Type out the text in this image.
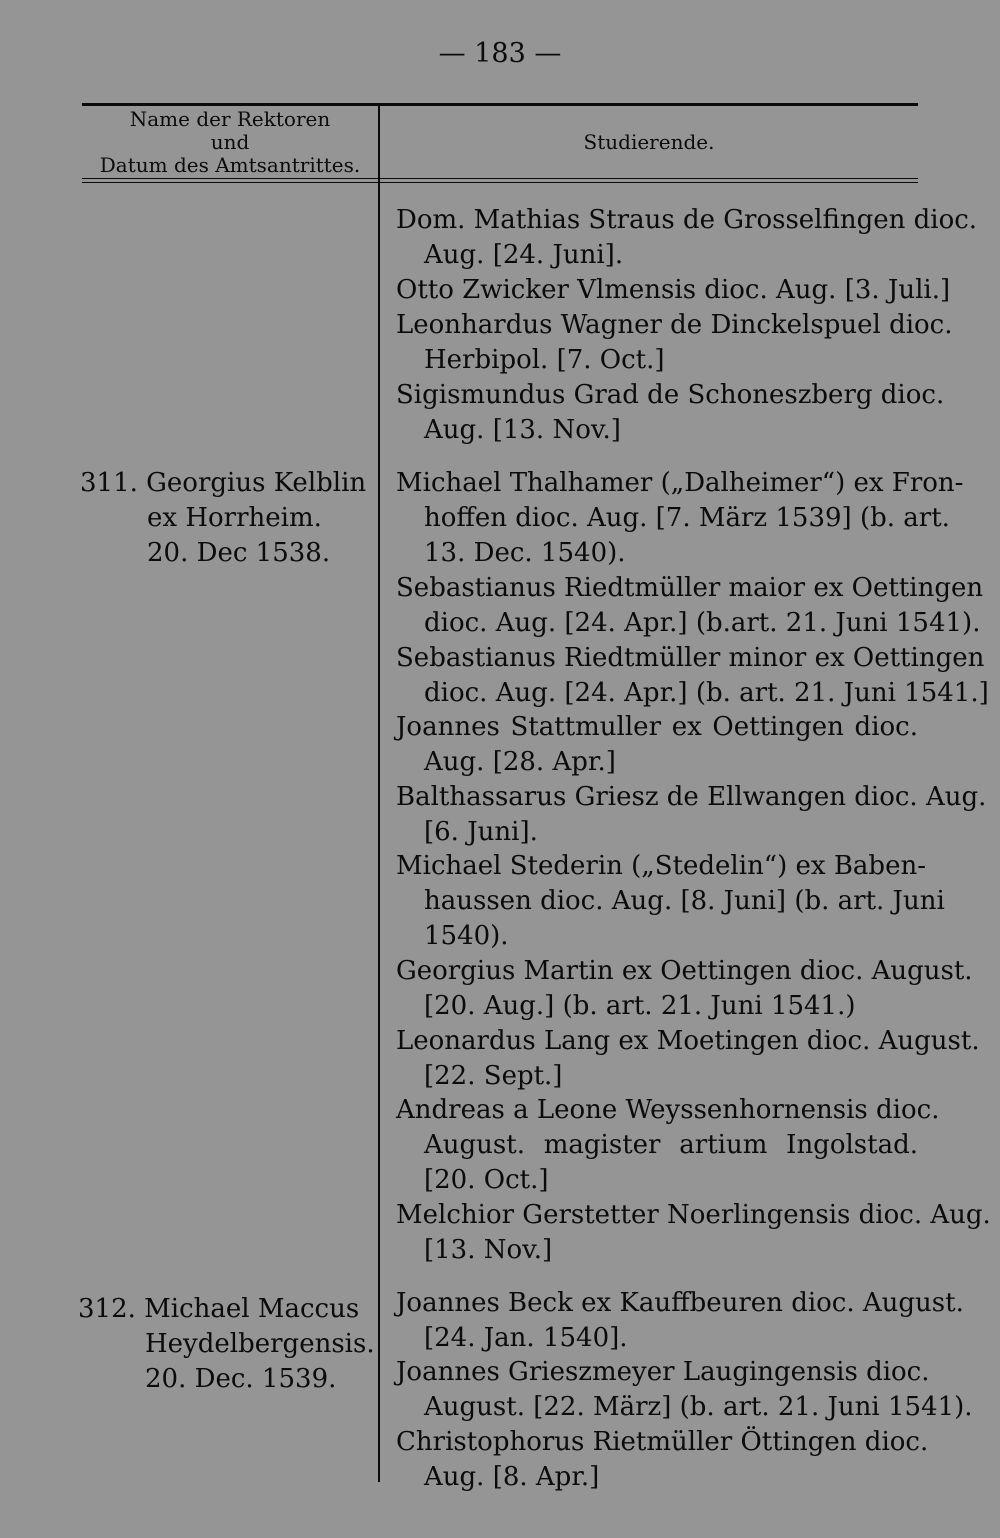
— 183 —
Name der Rektoren
und
Datum des Amtsantrittes.
Studierende.
311. Georgius Kelblin
ex Horrheim.
20. Dec 1538.
312. Michael Maccus
Heydelbergensis.
20. Dec. 1539.
Dom. Mathias Straus de Grosselfingen dioc.
Aug. [24. Juni].
Otto Zwicker Vlmensis dioc. Aug. [3. Juli.]
Leonhardus Wagner de Dinckelspuel dioc.
Herbipol. [7. Oct.]
Sigismundus Grad de Schoneszberg dioc.
Aug. [13. Nov.]
Michael Thalhamer („Dalheimer“) ex Fron-
hoffen dioc. Aug. [7. März 1539] (b. art.
13. Dec. 1540).
Sebastianus Riedtmüller maior ex Oettingen
dioc. Aug. [24. Apr.] (b.art. 21. Juni 1541).
Sebastianus Riedtmüller minor ex Oettingen
dioc. Aug. [24. Apr.] (b. art. 21. Juni 1541.]
Joannes Stattmuller ex Oettingen dioc.
Aug. [28. Apr.]
Balthassarus Griesz de Ellwangen dioc. Aug.
[6. Juni].
Michael Stederin („Stedelin“) ex Baben-
haussen dioc. Aug. [8. Juni] (b. art. Juni
1540).
Georgius Martin ex Oettingen dioc. August.
[20. Aug.] (b. art. 21. Juni 1541.)
Leonardus Lang ex Moetingen dioc. August.
[22. Sept.]
Andreas a Leone Weyssenhornensis dioc.
August. magister artium Ingolstad.
[20. Oct.]
Melchior Gerstetter Noerlingensis dioc. Aug.
[13. Nov.]
Joannes Beck ex Kauffbeuren dioc. August.
[24. Jan. 1540].
Joannes Grieszmeyer Laugingensis dioc.
August. [22. März] (b. art. 21. Juni 1541).
Christophorus Rietmüller Öttingen dioc.
Aug. [8. Apr.]
